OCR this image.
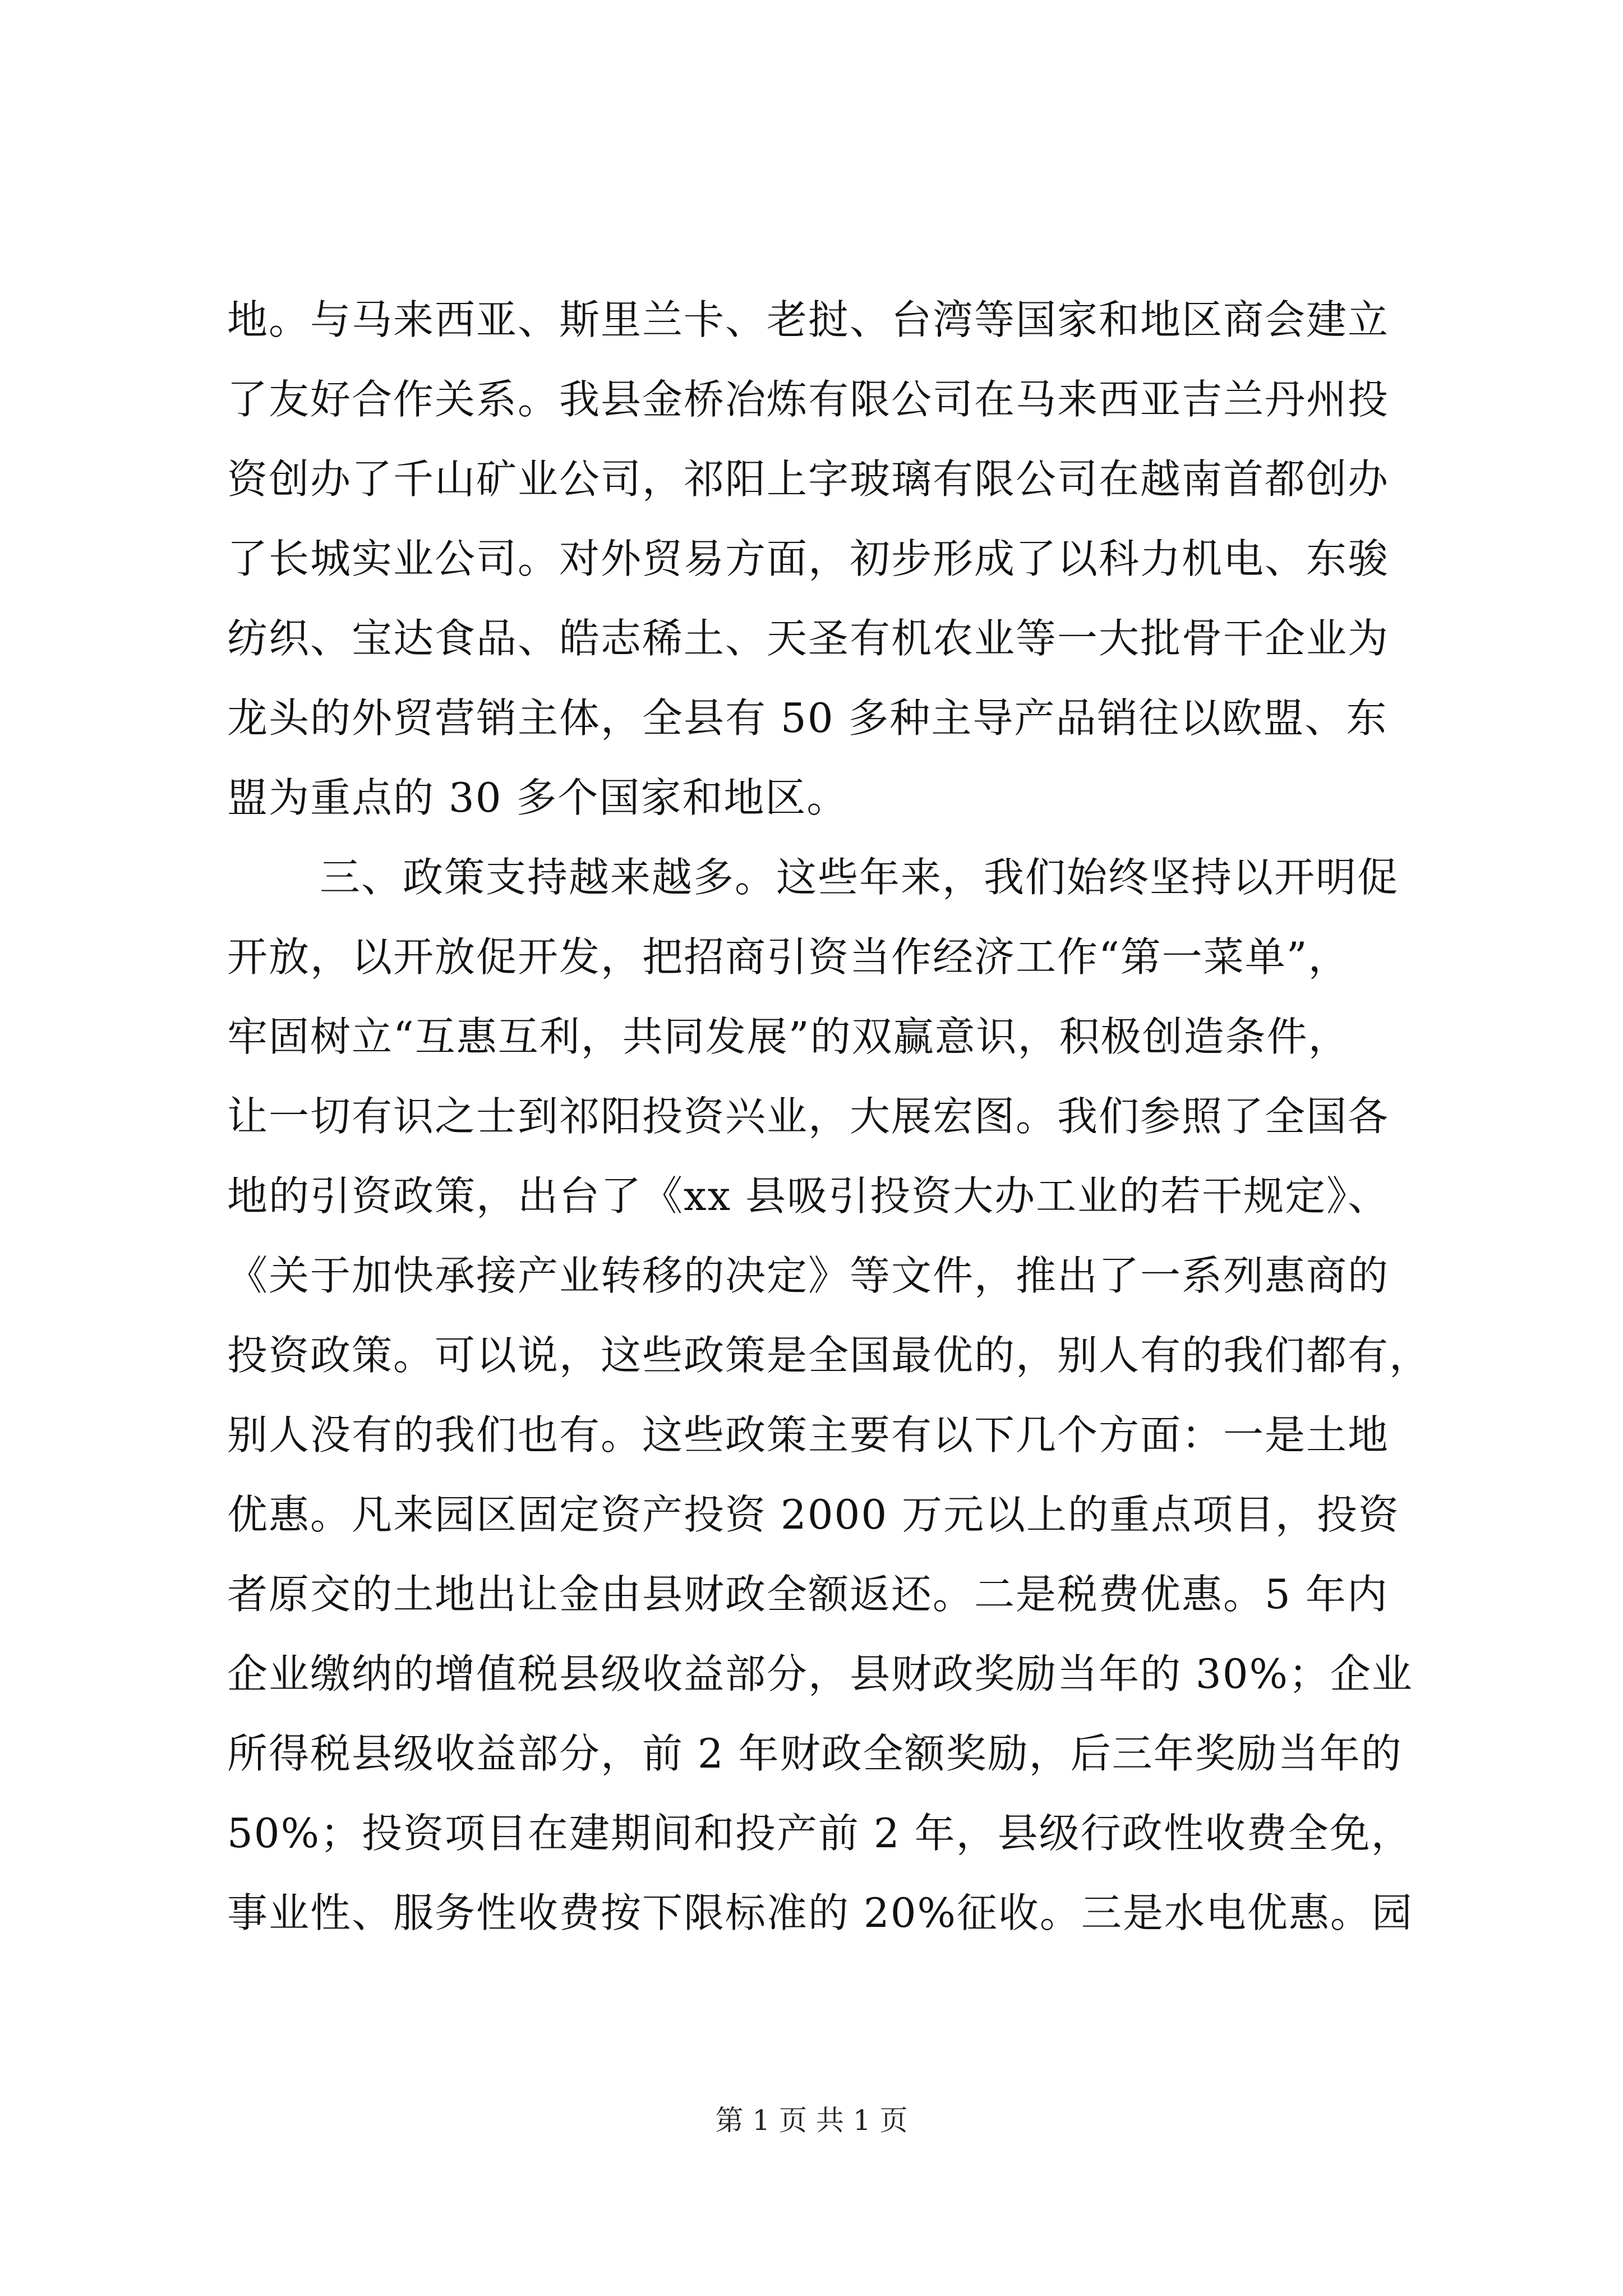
地。与马来西亚、斯里兰卡、老挝、台湾等国家和地区商会建立
了友好合作关系。我县金桥冶炼有限公司在马来西亚吉兰丹州投
资创办了千山矿业公司，祁阳上字玻璃有限公司在越南首都创办
了长城实业公司。对外贸易方面，初步形成了以科力机电、东骏
纺织、宝达食品、皓志稀土、天圣有机农业等一大批骨干企业为
龙头的外贸营销主体，全县有 50 多种主导产品销往以欧盟、东
盟为重点的 30 多个国家和地区。
三、政策支持越来越多。这些年来，我们始终坚持以开明促
开放，以开放促开发，把招商引资当作经济工作“第一菜单”，
牢固树立“互惠互利，共同发展”的双赢意识，积极创造条件，
让一切有识之士到祁阳投资兴业，大展宏图。我们参照了全国各
地的引资政策，出台了《xx 县吸引投资大办工业的若干规定》、
《关于加快承接产业转移的决定》等文件，推出了一系列惠商的
投资政策。可以说，这些政策是全国最优的，别人有的我们都有，
别人没有的我们也有。这些政策主要有以下几个方面：一是土地
优惠。凡来园区固定资产投资 2000 万元以上的重点项目，投资
者原交的土地出让金由县财政全额返还。二是税费优惠。5 年内
企业缴纳的增值税县级收益部分，县财政奖励当年的 30%；企业
所得税县级收益部分，前 2 年财政全额奖励，后三年奖励当年的
50%；投资项目在建期间和投产前 2 年，县级行政性收费全免，
事业性、服务性收费按下限标准的 20%征收。三是水电优惠。园
第 1 页 共 1 页
